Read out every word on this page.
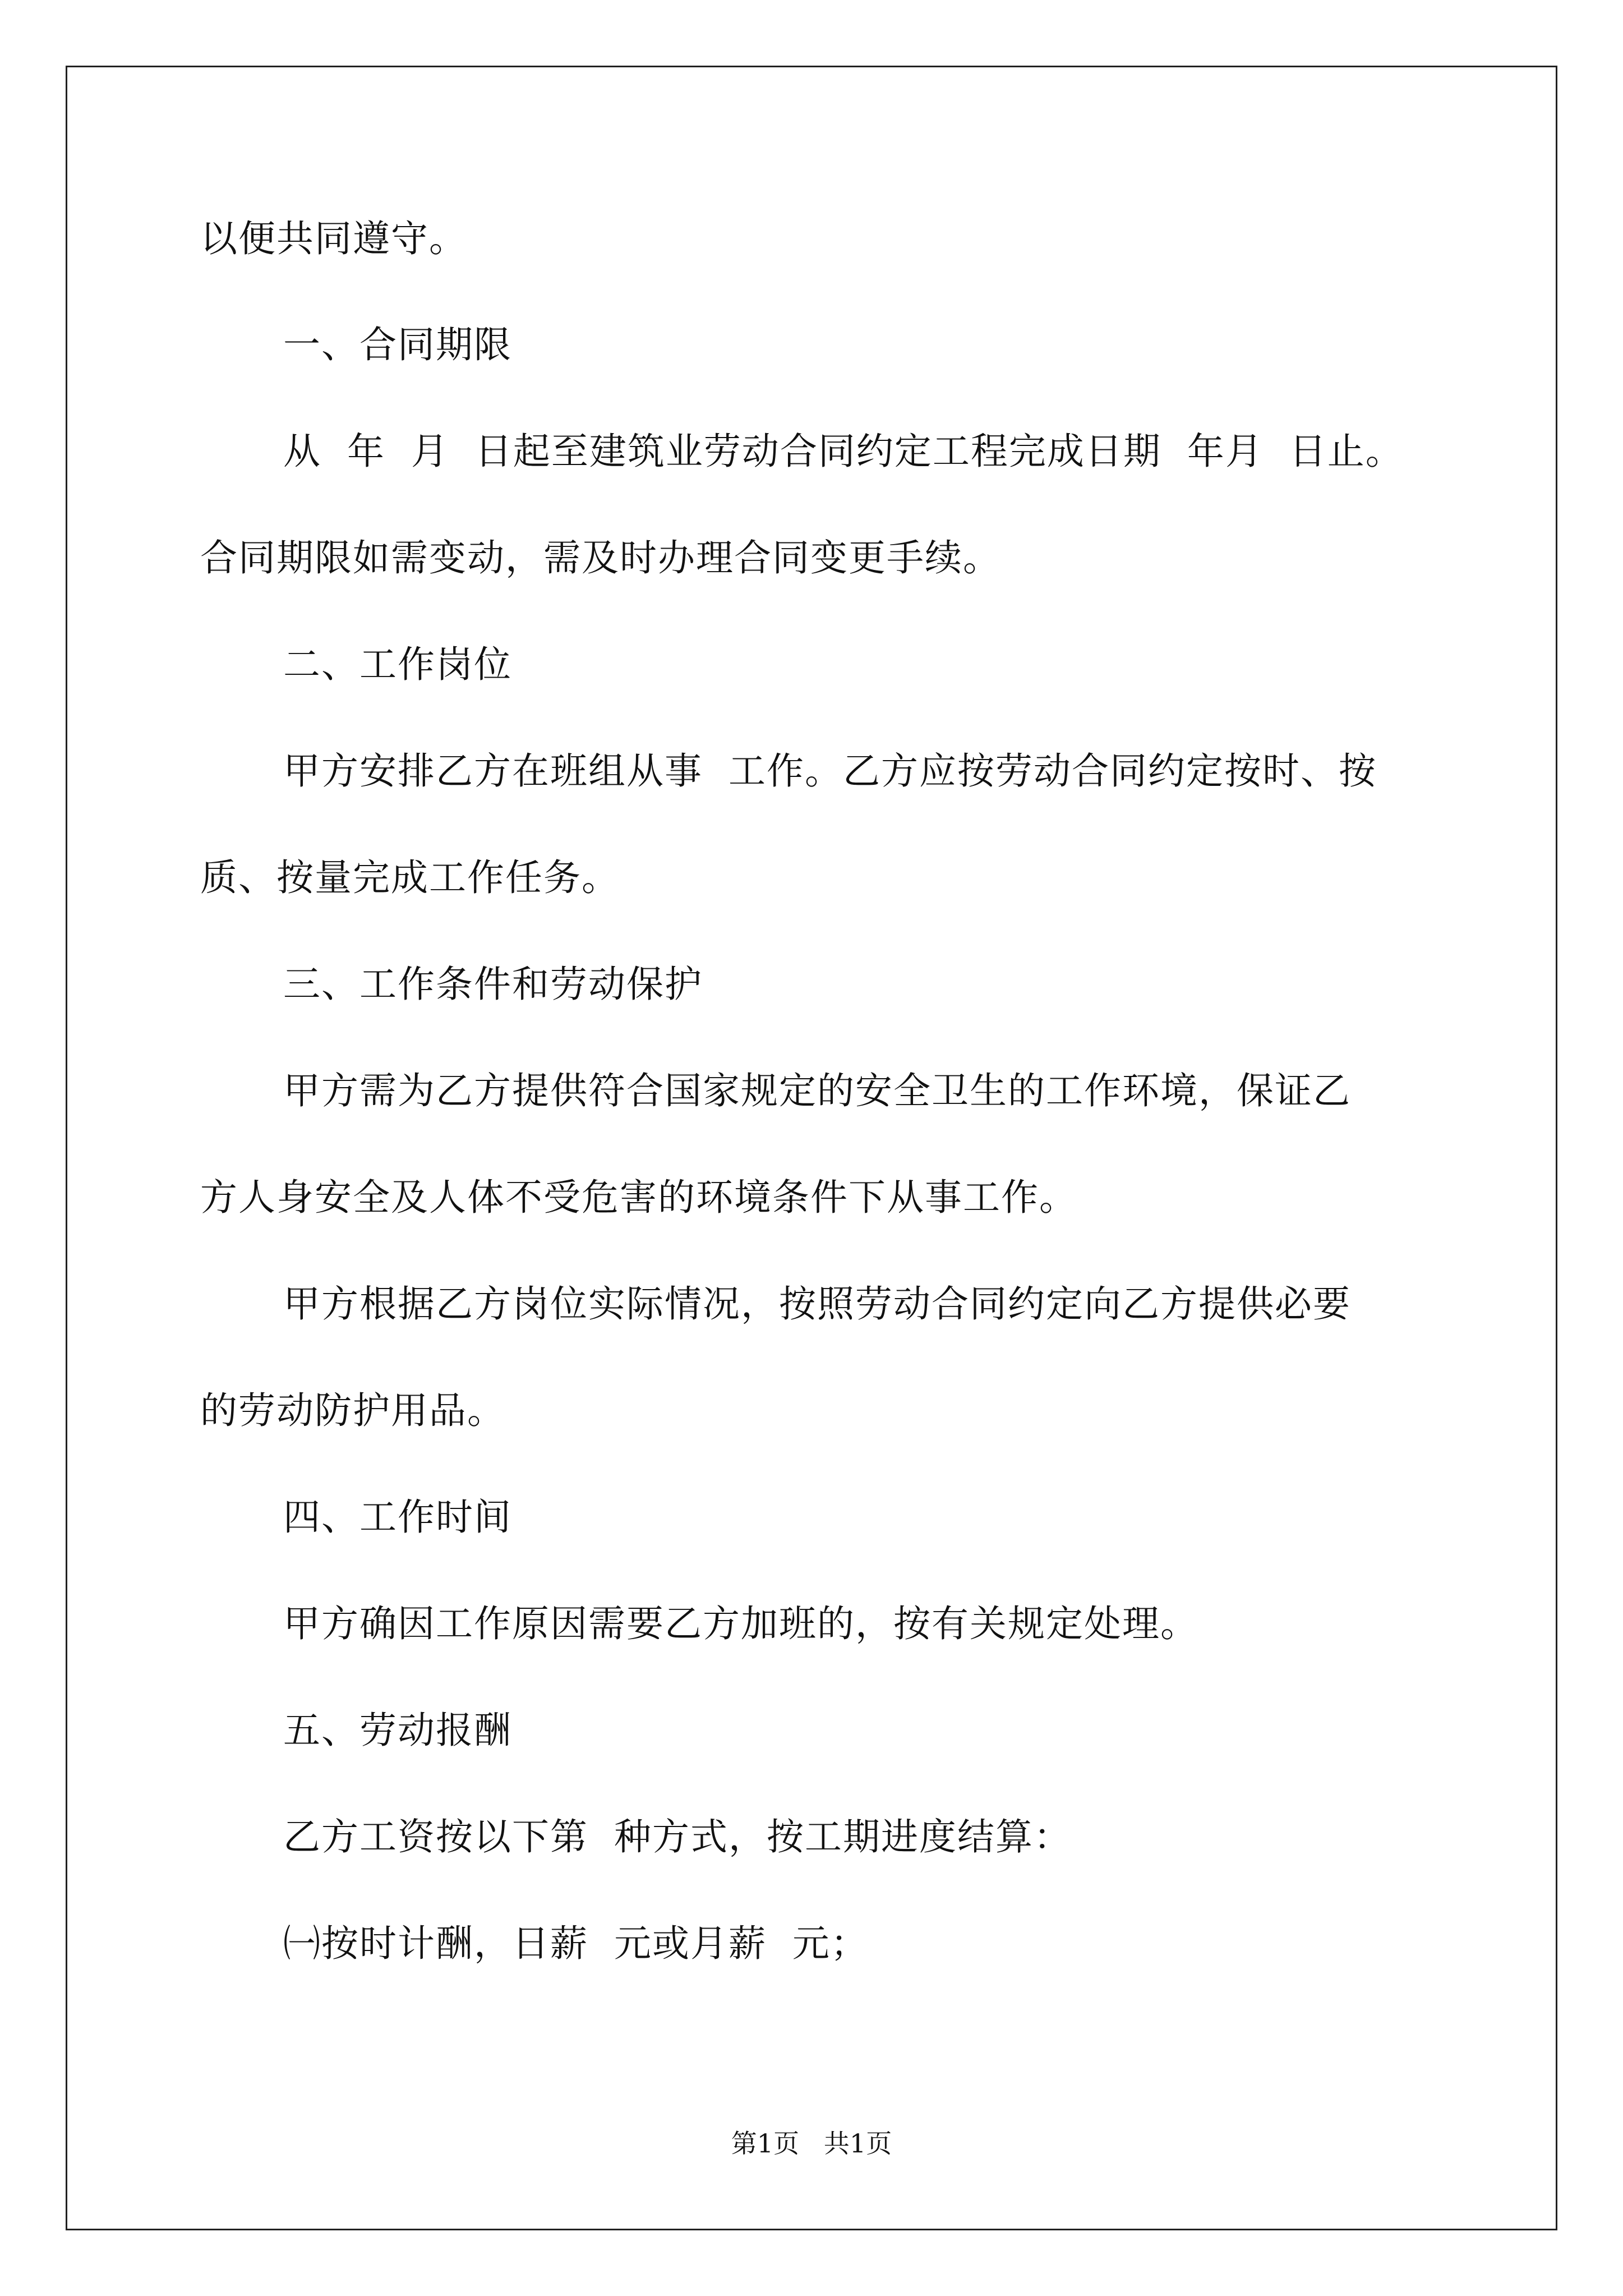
以便共同遵守。
一、合同期限
从  年  月  日起至建筑业劳动合同约定工程完成日期  年月  日止。
合同期限如需变动，需及时办理合同变更手续。
二、工作岗位
甲方安排乙方在班组从事  工作。乙方应按劳动合同约定按时、按
质、按量完成工作任务。
三、工作条件和劳动保护
甲方需为乙方提供符合国家规定的安全卫生的工作环境，保证乙
方人身安全及人体不受危害的环境条件下从事工作。
甲方根据乙方岗位实际情况，按照劳动合同约定向乙方提供必要
的劳动防护用品。
四、工作时间
甲方确因工作原因需要乙方加班的，按有关规定处理。
五、劳动报酬
乙方工资按以下第  种方式，按工期进度结算：
㈠按时计酬，日薪  元或月薪  元；
第1页   共1页
